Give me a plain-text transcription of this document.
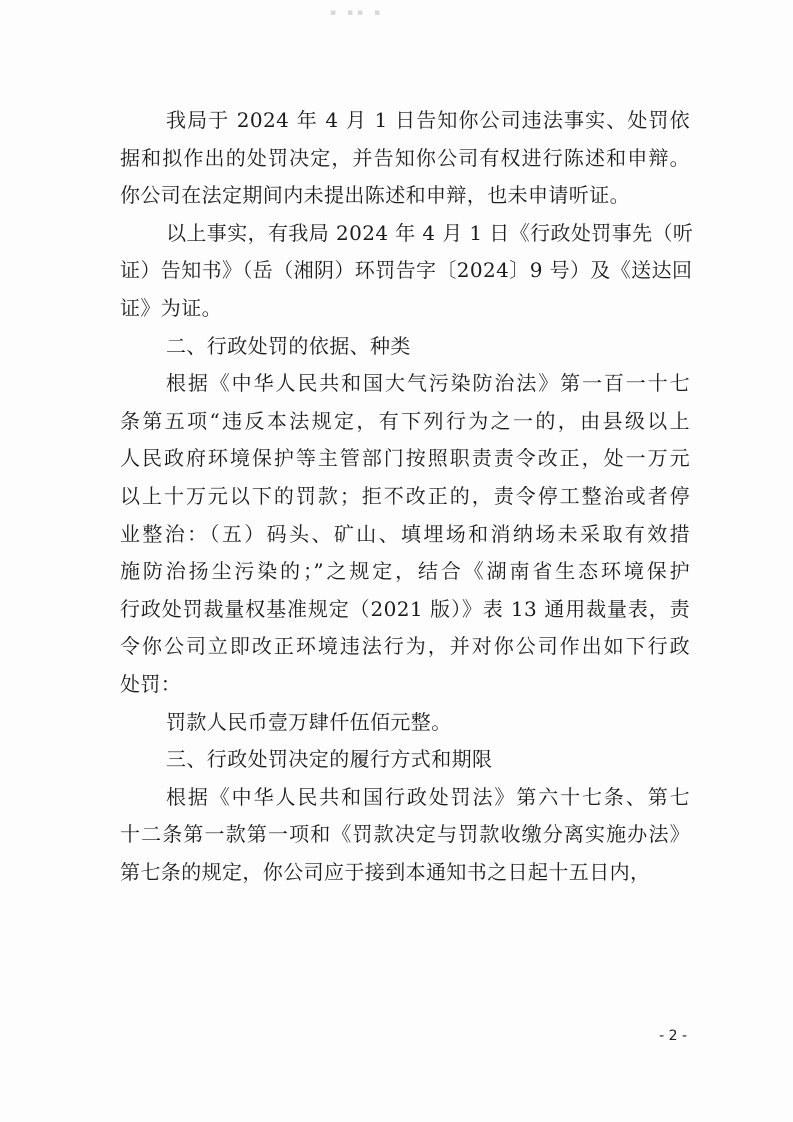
▪ ▪▪ ▪
我局于 2024 年 4 月 1 日告知你公司违法事实、处罚依
据和拟作出的处罚决定，并告知你公司有权进行陈述和申辩。
你公司在法定期间内未提出陈述和申辩，也未申请听证。
以上事实，有我局 2024 年 4 月 1 日《行政处罚事先（听
证）告知书》（岳（湘阴）环罚告字〔2024〕9 号）及《送达回
证》为证。
二、行政处罚的依据、种类
根据《中华人民共和国大气污染防治法》第一百一十七
条第五项“违反本法规定，有下列行为之一的，由县级以上
人民政府环境保护等主管部门按照职责责令改正，处一万元
以上十万元以下的罚款；拒不改正的，责令停工整治或者停
业整治：（五）码头、矿山、填埋场和消纳场未采取有效措
施防治扬尘污染的；”之规定，结合《湖南省生态环境保护
行政处罚裁量权基准规定（2021 版）》表 13 通用裁量表，责
令你公司立即改正环境违法行为，并对你公司作出如下行政
处罚：
罚款人民币壹万肆仟伍佰元整。
三、行政处罚决定的履行方式和期限
根据《中华人民共和国行政处罚法》第六十七条、第七
十二条第一款第一项和《罚款决定与罚款收缴分离实施办法》
第七条的规定，你公司应于接到本通知书之日起十五日内，
- 2 -
